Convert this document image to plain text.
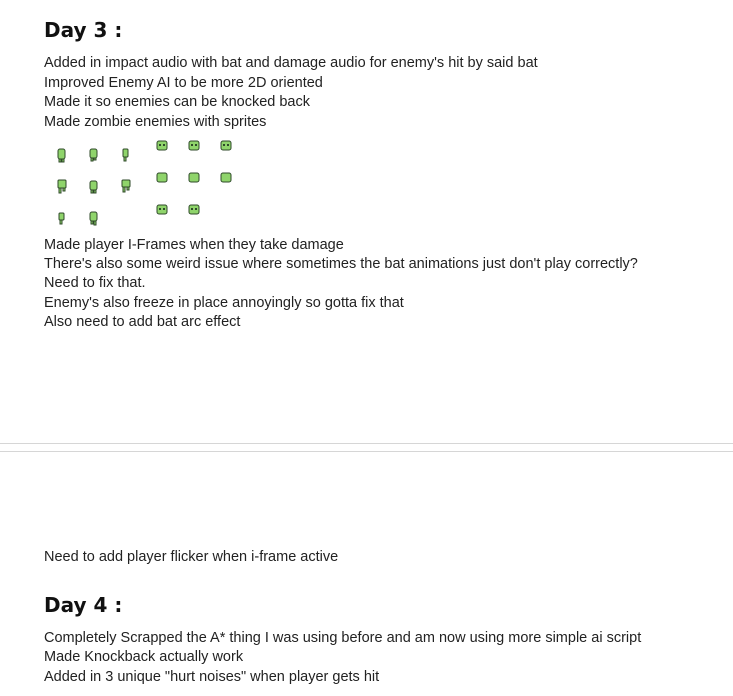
Day 3 :

Added in impact audio with bat and damage audio for enemy's hit by said bat

Improved Enemy AI to be more 2D oriented

Made it so enemies can be knocked back

Made zombie enemies with sprites

Made player I-Frames when they take damage

There's also some weird issue where sometimes the bat animations just don't play correctly?

Need to fix that.

Enemy's also freeze in place annoyingly so gotta fix that

Also need to add bat arc effect

Need to add player flicker when i-frame active

Day 4 :

Completely Scrapped the A* thing I was using before and am now using more simple ai script

Made Knockback actually work

Added in 3 unique "hurt noises" when player gets hit
